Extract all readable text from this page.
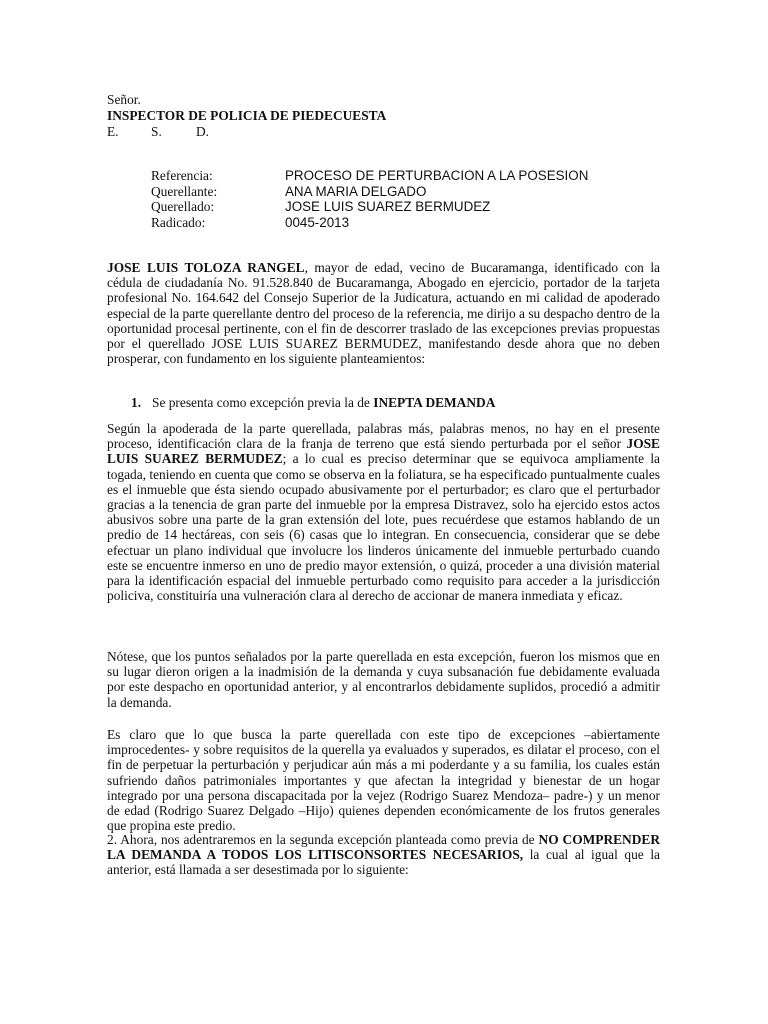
Señor.
INSPECTOR DE POLICIA DE PIEDECUESTA
E. S.	D.
Referencia:	PROCESO DE PERTURBACION A LA POSESION
Querellante:	ANA MARIA DELGADO
Querellado:	JOSE LUIS SUAREZ BERMUDEZ
Radicado:	0045-2013

JOSE LUIS TOLOZA RANGEL, mayor de edad, vecino de Bucaramanga, identificado con la cédula de ciudadanía No. 91.528.840 de Bucaramanga, Abogado en ejercicio, portador de la tarjeta profesional No. 164.642 del Consejo Superior de la Judicatura, actuando en mi calidad de apoderado especial de la parte querellante dentro del proceso de la referencia, me dirijo a su despacho dentro de la oportunidad procesal pertinente, con el fin de descorrer traslado de las excepciones previas propuestas por el querellado JOSE LUIS SUAREZ BERMUDEZ, manifestando desde ahora que no deben prosperar, con fundamento en los siguiente planteamientos:

1. Se presenta como excepción previa la de INEPTA DEMANDA

Según la apoderada de la parte querellada, palabras más, palabras menos, no hay en el presente proceso, identificación clara de la franja de terreno que está siendo perturbada por el señor JOSE LUIS SUAREZ BERMUDEZ; a lo cual es preciso determinar que se equivoca ampliamente la togada, teniendo en cuenta que como se observa en la foliatura, se ha especificado puntualmente cuales es el inmueble que ésta siendo ocupado abusivamente por el perturbador; es claro que el perturbador gracias a la tenencia de gran parte del inmueble por la empresa Distravez, solo ha ejercido estos actos abusivos sobre una parte de la gran extensión del lote, pues recuérdese que estamos hablando de un predio de 14 hectáreas, con seis (6) casas que lo integran. En consecuencia, considerar que se debe efectuar un plano individual que involucre los linderos únicamente del inmueble perturbado cuando este se encuentre inmerso en uno de predio mayor extensión, o quizá, proceder a una división material para la identificación espacial del inmueble perturbado como requisito para acceder a la jurisdicción policiva, constituiría una vulneración clara al derecho de accionar de manera inmediata y eficaz.

Nótese, que los puntos señalados por la parte querellada en esta excepción, fueron los mismos que en su lugar dieron origen a la inadmisión de la demanda y cuya subsanación fue debidamente evaluada por este despacho en oportunidad anterior, y al encontrarlos debidamente suplidos, procedió a admitir la demanda.

Es claro que lo que busca la parte querellada con este tipo de excepciones –abiertamente improcedentes- y sobre requisitos de la querella ya evaluados y superados, es dilatar el proceso, con el fin de perpetuar la perturbación y perjudicar aún más a mi poderdante y a su familia, los cuales están sufriendo daños patrimoniales importantes y que afectan la integridad y bienestar de un hogar integrado por una persona discapacitada por la vejez (Rodrigo Suarez Mendoza– padre-) y un menor de edad (Rodrigo Suarez Delgado –Hijo) quienes dependen económicamente de los frutos generales que propina este predio.

2. Ahora, nos adentraremos en la segunda excepción planteada como previa de NO COMPRENDER LA DEMANDA A TODOS LOS LITISCONSORTES NECESARIOS, la cual al igual que la anterior, está llamada a ser desestimada por lo siguiente:
